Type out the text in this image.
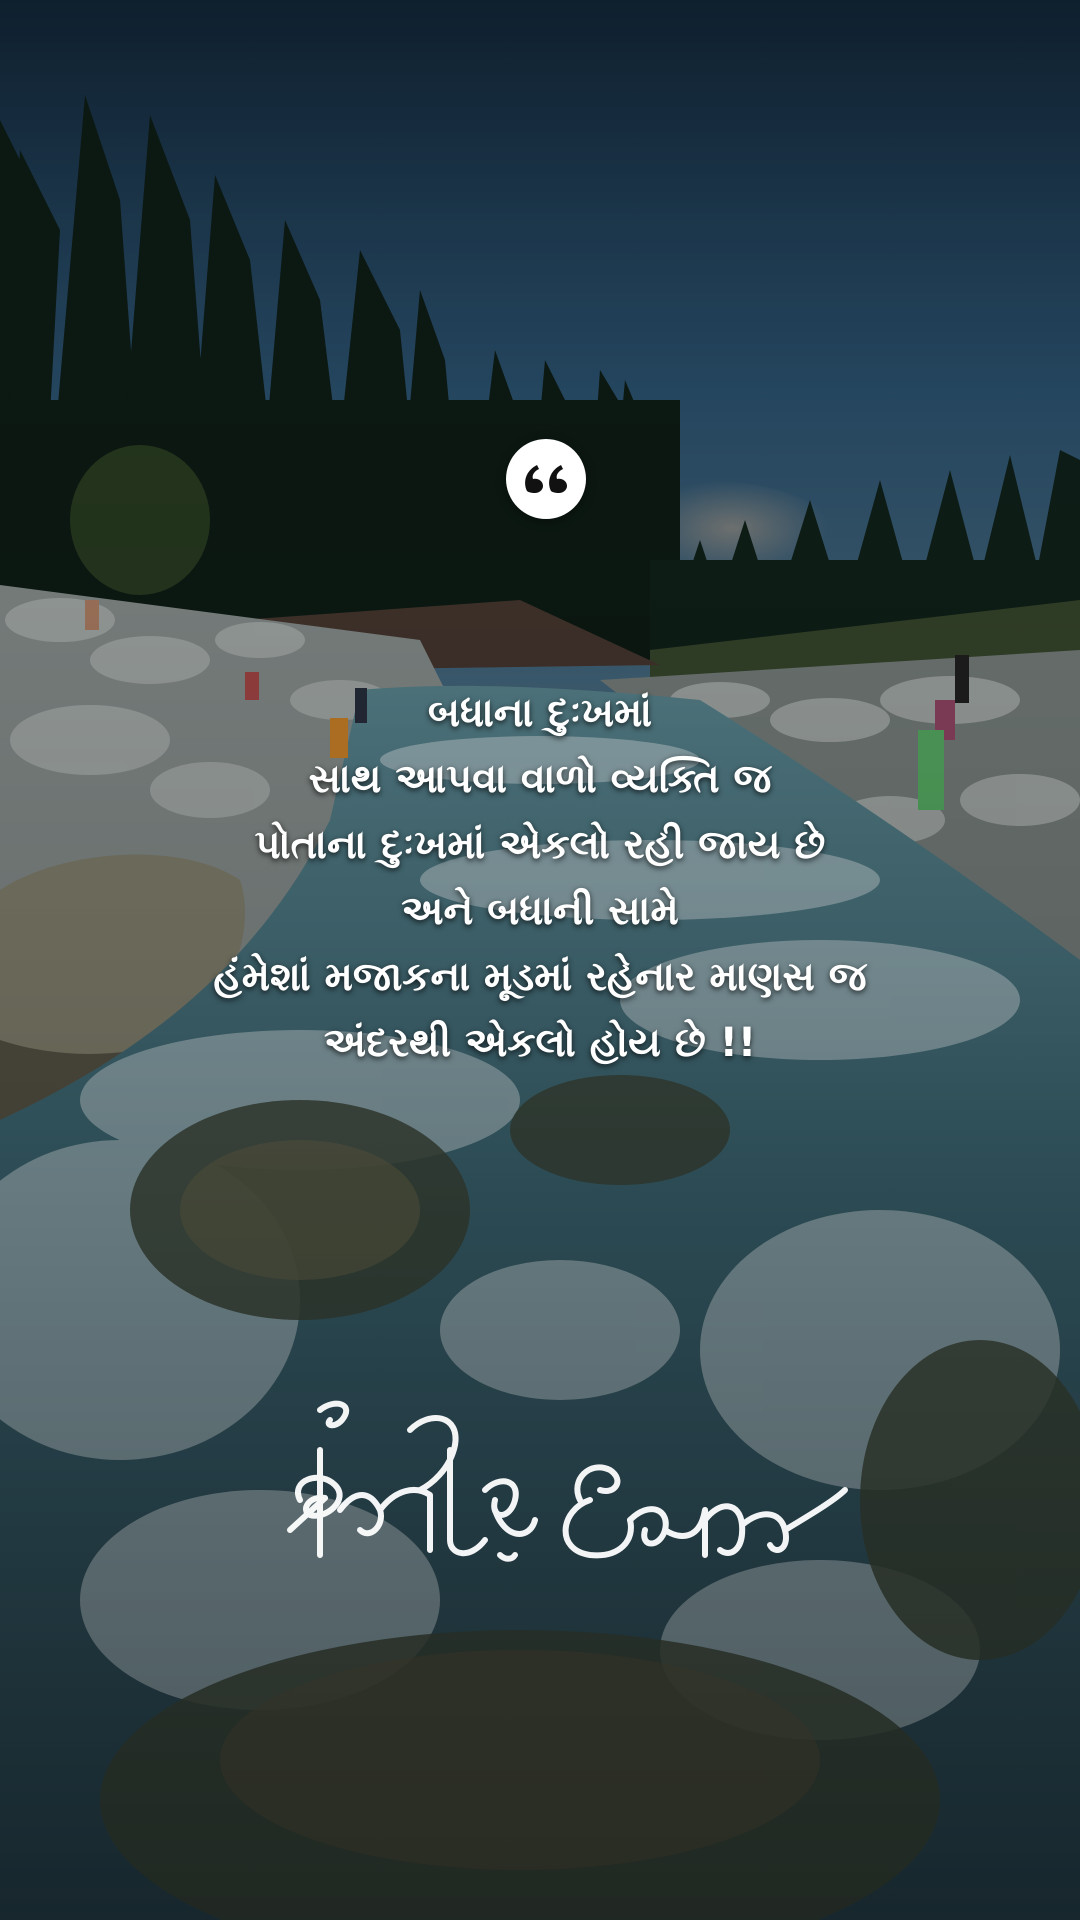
બધાના દુઃખમાં
સાથ આપવા વાળો વ્યક્તિ જ
પોતાના દુઃખમાં એકલો રહી જાય છે
અને બધાની સામે
હંમેશાં મજાકના મૂડમાં રહેનાર માણસ જ
અંદરથી એકલો હોય છે !!
